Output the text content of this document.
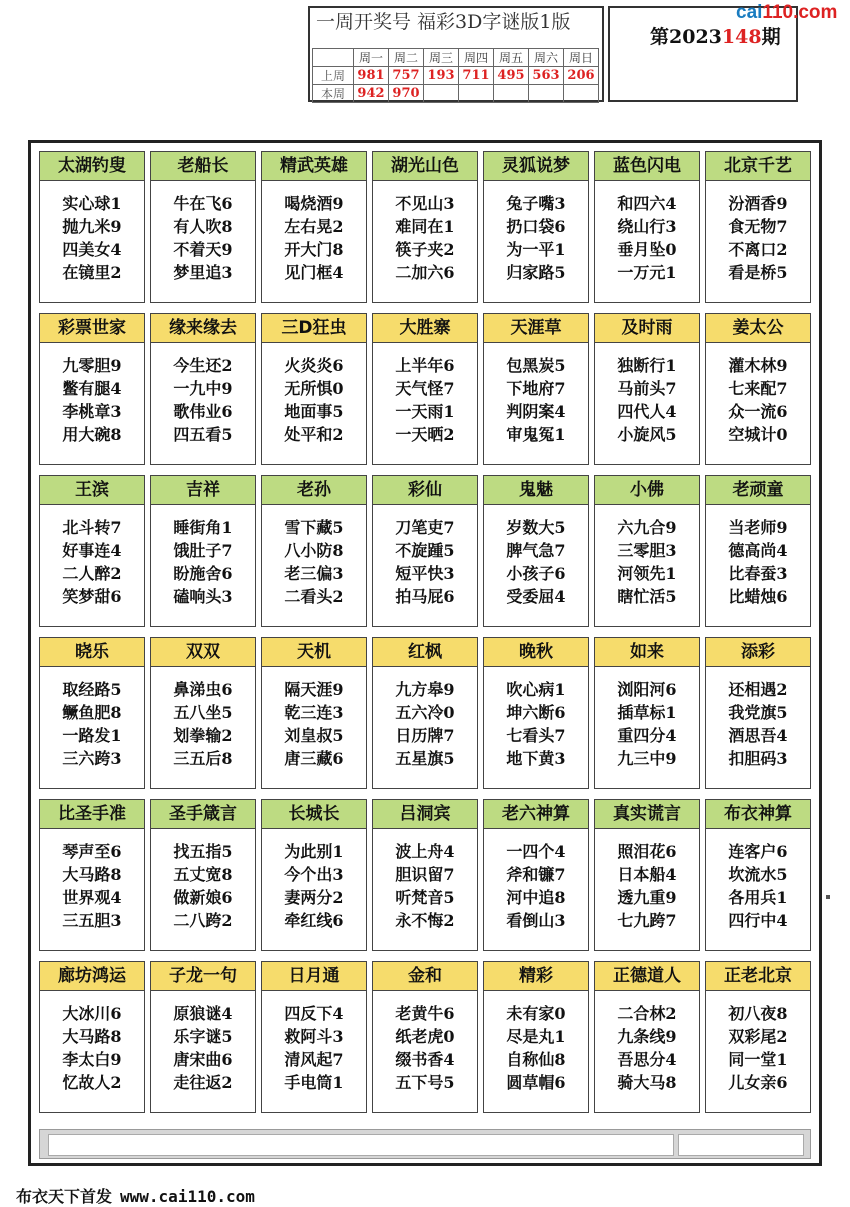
一周开奖号 福彩3D字谜版1版
	周一	周二	周三	周四	周五	周六	周日
上周	981	757	193	711	495	563	206
本周	942	970					
第2023148期
cai110.com
太湖钓叟
实心球1
抛九米9
四美女4
在镜里2
老船长
牛在飞6
有人吹8
不着天9
梦里追3
精武英雄
喝烧酒9
左右晃2
开大门8
见门框4
湖光山色
不见山3
难同在1
筷子夹2
二加六6
灵狐说梦
兔子嘴3
扔口袋6
为一平1
归家路5
蓝色闪电
和四六4
绕山行3
垂月坠0
一万元1
北京千艺
汾酒香9
食无物7
不离口2
看是桥5
彩票世家
九零胆9
鳖有腿4
李桃章3
用大碗8
缘来缘去
今生还2
一九中9
歌伟业6
四五看5
三D狂虫
火炎炎6
无所惧0
地面事5
处平和2
大胜寨
上半年6
天气怪7
一天雨1
一天晒2
天涯草
包黑炭5
下地府7
判阴案4
审鬼冤1
及时雨
独断行1
马前头7
四代人4
小旋风5
姜太公
灌木林9
七来配7
众一流6
空城计0
王滨
北斗转7
好事连4
二人醉2
笑梦甜6
吉祥
睡街角1
饿肚子7
盼施舍6
磕响头3
老孙
雪下藏5
八小防8
老三偏3
二看头2
彩仙
刀笔吏7
不旋踵5
短平快3
拍马屁6
鬼魅
岁数大5
脾气急7
小孩子6
受委屈4
小佛
六九合9
三零胆3
河领先1
瞎忙活5
老顽童
当老师9
德高尚4
比春蚕3
比蜡烛6
晓乐
取经路5
鳜鱼肥8
一路发1
三六跨3
双双
鼻涕虫6
五八坐5
划拳输2
三五后8
天机
隔天涯9
乾三连3
刘皇叔5
唐三藏6
红枫
九方皋9
五六冷0
日历牌7
五星旗5
晚秋
吹心病1
坤六断6
七看头7
地下黄3
如来
浏阳河6
插草标1
重四分4
九三中9
添彩
还相遇2
我党旗5
酒思吾4
扣胆码3
比圣手准
琴声至6
大马路8
世界观4
三五胆3
圣手箴言
找五指5
五丈宽8
做新娘6
二八跨2
长城长
为此别1
今个出3
妻两分2
牵红线6
吕洞宾
波上舟4
胆识留7
听梵音5
永不悔2
老六神算
一四个4
斧和镰7
河中追8
看倒山3
真实谎言
照泪花6
日本船4
透九重9
七九跨7
布衣神算
连客户6
坎流水5
各用兵1
四行中4
廊坊鸿运
大冰川6
大马路8
李太白9
忆故人2
子龙一句
原狼谜4
乐字谜5
唐宋曲6
走往返2
日月通
四反下4
救阿斗3
清风起7
手电筒1
金和
老黄牛6
纸老虎0
缀书香4
五下号5
精彩
未有家0
尽是丸1
自称仙8
圆草帽6
正德道人
二合林2
九条线9
吾思分4
骑大马8
正老北京
初八夜8
双彩尾2
同一堂1
儿女亲6
布衣天下首发 www.cai110.com
